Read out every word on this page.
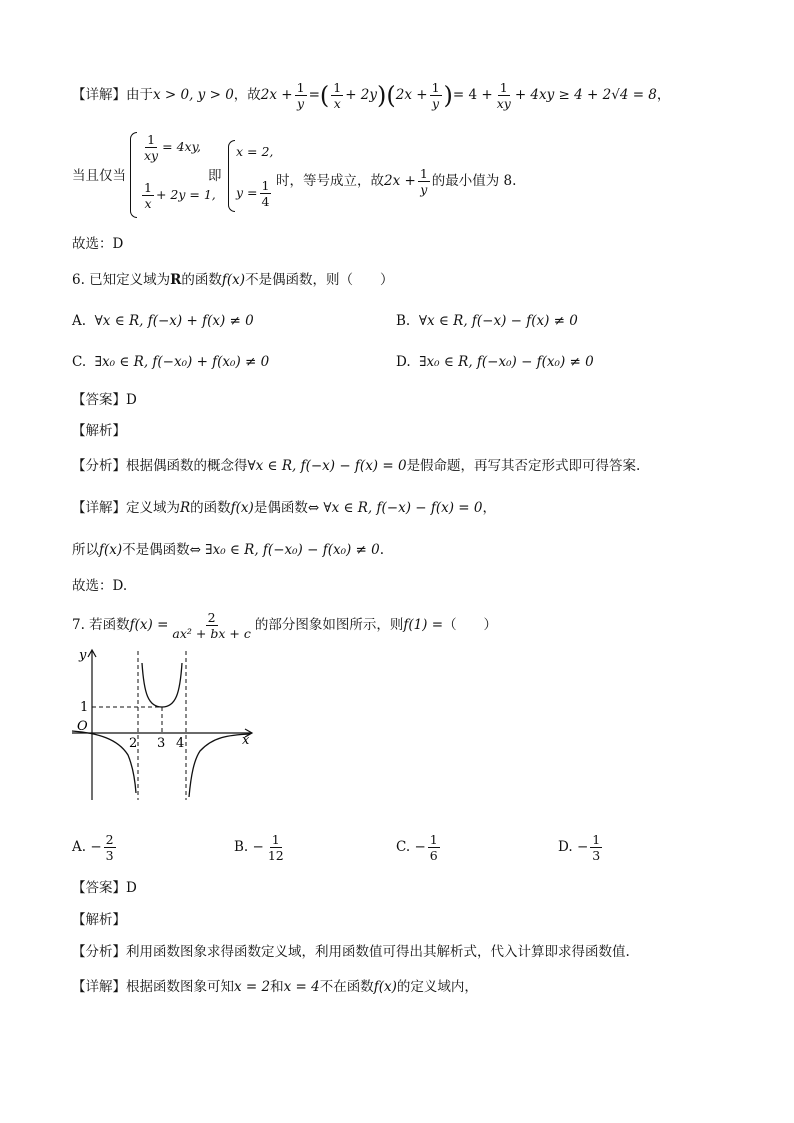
【详解】由于x > 0, y > 0，故$2x + \frac{1}{y}$ =( $\frac{1}{x} + 2y)(2x + \frac{1}{y}$ )= $4 + \frac{1}{xy} + 4xy \ge 4 + 2√4 = 8$，
当且仅当
$\frac{1}{xy} = 4xy$,
$\frac{1}{x} + 2y = 1$,
即
x = 2,
$y = \frac{1}{4}$ 时，等号成立，故$2x + \frac{1}{y}$ 的最小值为 8.
故选：D
6. 已知定义域为R的函数f(x)不是偶函数，则（　　）
A. ∀x ∈ R, f(−x) + f(x) ≠ 0	B. ∀x ∈ R, f(−x) − f(x) ≠ 0
C. ∃x₀ ∈ R, f(−x₀) + f(x₀) ≠ 0	D. ∃x₀ ∈ R, f(−x₀) − f(x₀) ≠ 0
【答案】D
【解析】
【分析】根据偶函数的概念得∀x ∈ R, f(−x) − f(x) = 0是假命题，再写其否定形式即可得答案.
【详解】定义域为R的函数f(x)是偶函数⇔ ∀x ∈ R, f(−x) − f(x) = 0，
所以f(x)不是偶函数⇔ ∃x₀ ∈ R, f(−x₀) − f(x₀) ≠ 0.
故选：D.
7. 若函数$f(x) = \frac{2}{\text{ax² + bx + c}}$ 的部分图象如图所示，则f(1) =（　　）
y
x
O
1
2 3 4
A. − $\frac{2}{3}$	B. − $\frac{1}{12}$	C. − $\frac{1}{6}$	D. − $\frac{1}{3}$
【答案】D
【解析】
【分析】利用函数图象求得函数定义域，利用函数值可得出其解析式，代入计算即求得函数值.
【详解】根据函数图象可知x = 2和x = 4不在函数f(x)的定义域内，
